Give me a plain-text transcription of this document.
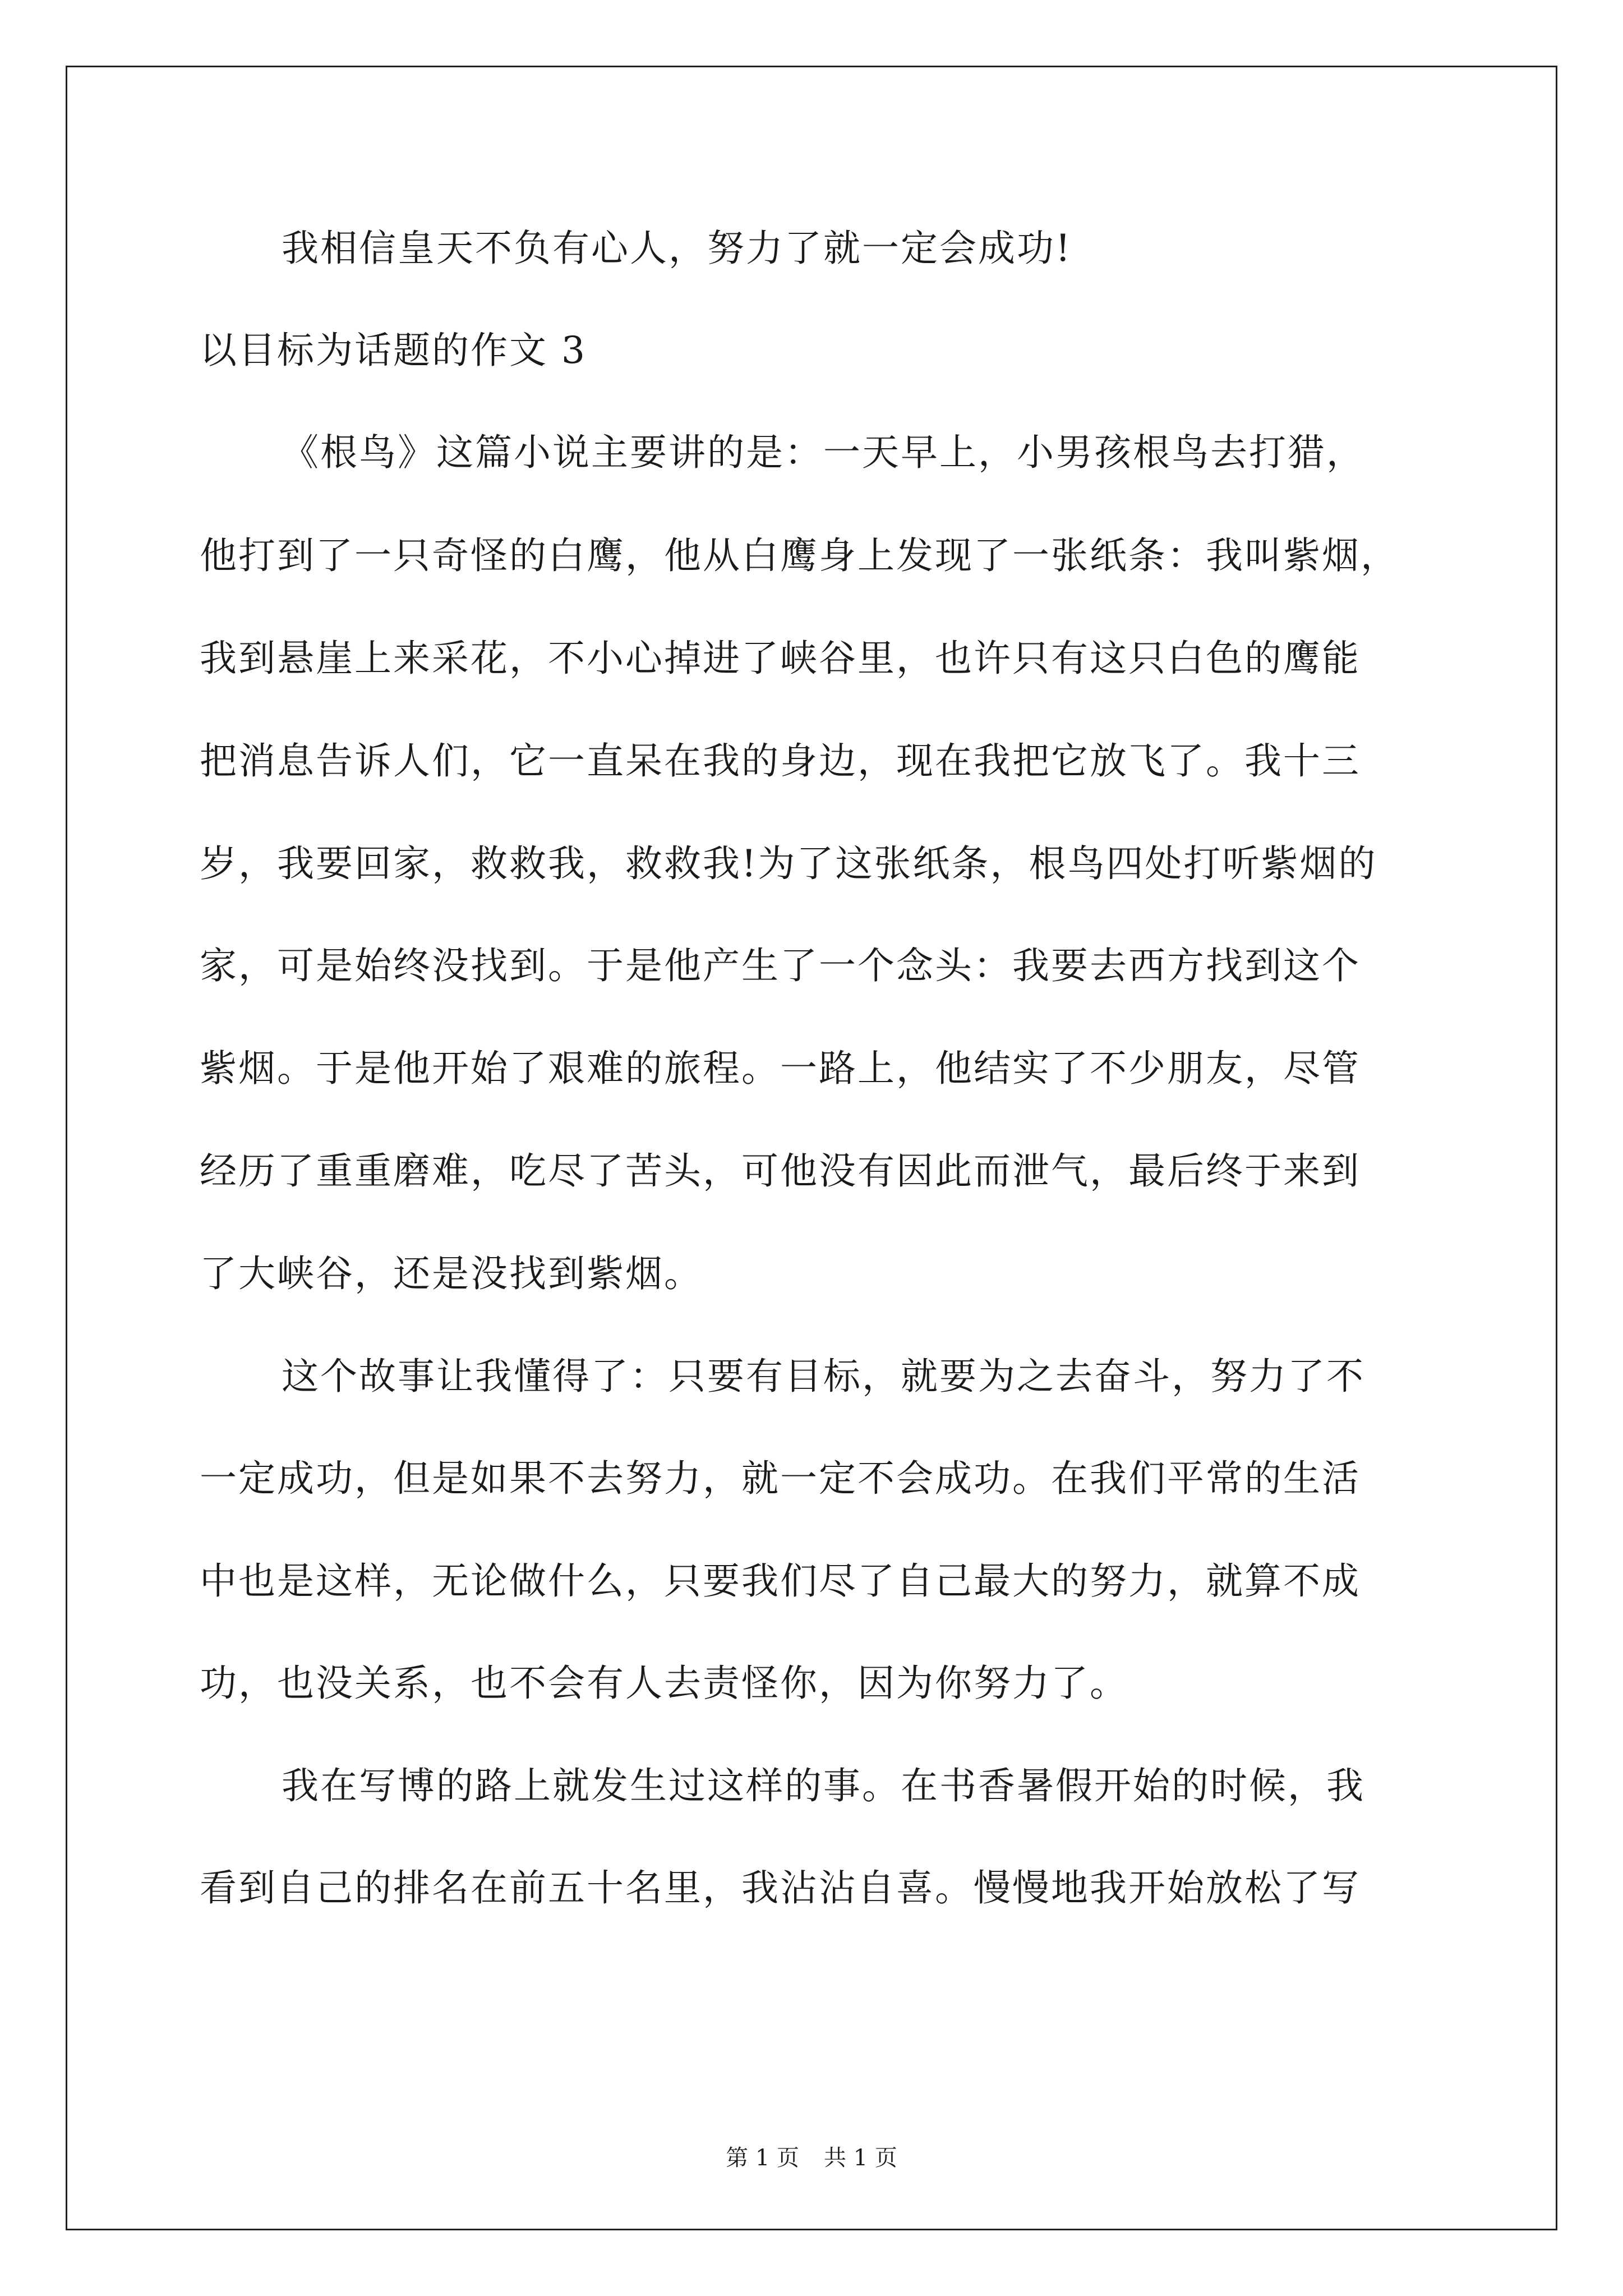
我相信皇天不负有心人，努力了就一定会成功!
以目标为话题的作文 3
《根鸟》这篇小说主要讲的是：一天早上，小男孩根鸟去打猎，
他打到了一只奇怪的白鹰，他从白鹰身上发现了一张纸条：我叫紫烟，
我到悬崖上来采花，不小心掉进了峡谷里，也许只有这只白色的鹰能
把消息告诉人们，它一直呆在我的身边，现在我把它放飞了。我十三
岁，我要回家，救救我，救救我!为了这张纸条，根鸟四处打听紫烟的
家，可是始终没找到。于是他产生了一个念头：我要去西方找到这个
紫烟。于是他开始了艰难的旅程。一路上，他结实了不少朋友，尽管
经历了重重磨难，吃尽了苦头，可他没有因此而泄气，最后终于来到
了大峡谷，还是没找到紫烟。
这个故事让我懂得了：只要有目标，就要为之去奋斗，努力了不
一定成功，但是如果不去努力，就一定不会成功。在我们平常的生活
中也是这样，无论做什么，只要我们尽了自己最大的努力，就算不成
功，也没关系，也不会有人去责怪你，因为你努力了。
我在写博的路上就发生过这样的事。在书香暑假开始的时候，我
看到自己的排名在前五十名里，我沾沾自喜。慢慢地我开始放松了写
第 1 页 共 1 页
